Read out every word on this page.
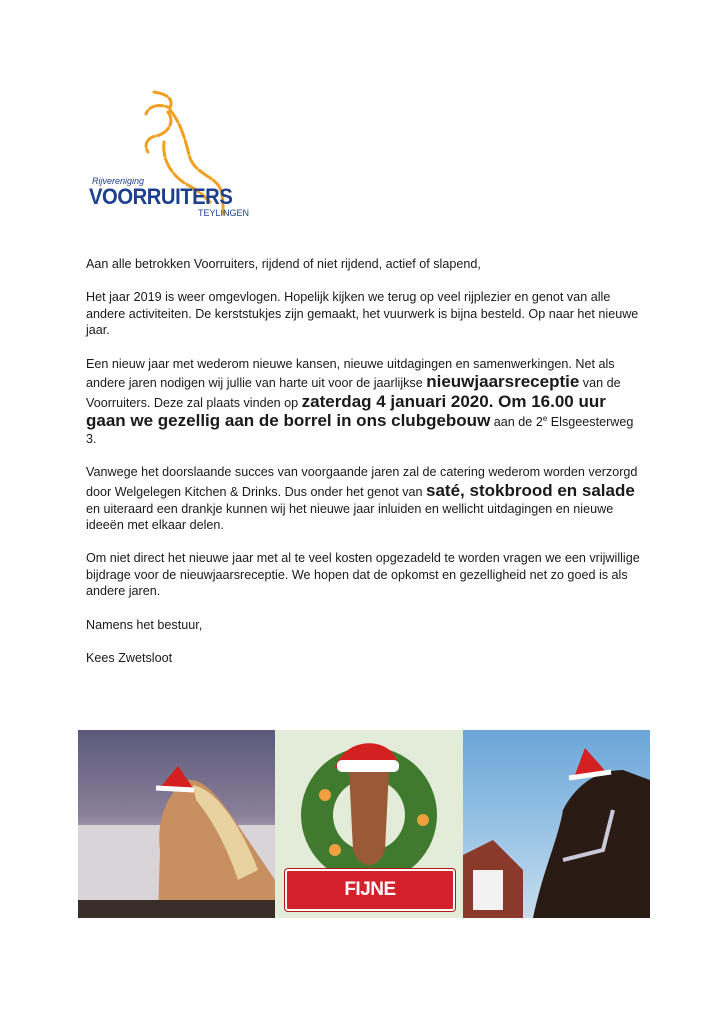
Rijvereniging
VOORRUITERS
TEYLINGEN

Aan alle betrokken Voorruiters, rijdend of niet rijdend, actief of slapend,

Het jaar 2019 is weer omgevlogen. Hopelijk kijken we terug op veel rijplezier en genot van alle andere activiteiten. De kerststukjes zijn gemaakt, het vuurwerk is bijna besteld. Op naar het nieuwe jaar.

Een nieuw jaar met wederom nieuwe kansen, nieuwe uitdagingen en samenwerkingen. Net als andere jaren nodigen wij jullie van harte uit voor de jaarlijkse nieuwjaarsreceptie van de Voorruiters. Deze zal plaats vinden op zaterdag 4 januari 2020. Om 16.00 uur gaan we gezellig aan de borrel in ons clubgebouw aan de 2e Elsgeesterweg 3.

Vanwege het doorslaande succes van voorgaande jaren zal de catering wederom worden verzorgd door Welgelegen Kitchen & Drinks. Dus onder het genot van saté, stokbrood en salade en uiteraard een drankje kunnen wij het nieuwe jaar inluiden en wellicht uitdagingen en nieuwe ideeën met elkaar delen.

Om niet direct het nieuwe jaar met al te veel kosten opgezadeld te worden vragen we een vrijwillige bijdrage voor de nieuwjaarsreceptie. We hopen dat de opkomst en gezelligheid net zo goed is als andere jaren.

Namens het bestuur,

Kees Zwetsloot

FIJNE FEESTDAGEN
